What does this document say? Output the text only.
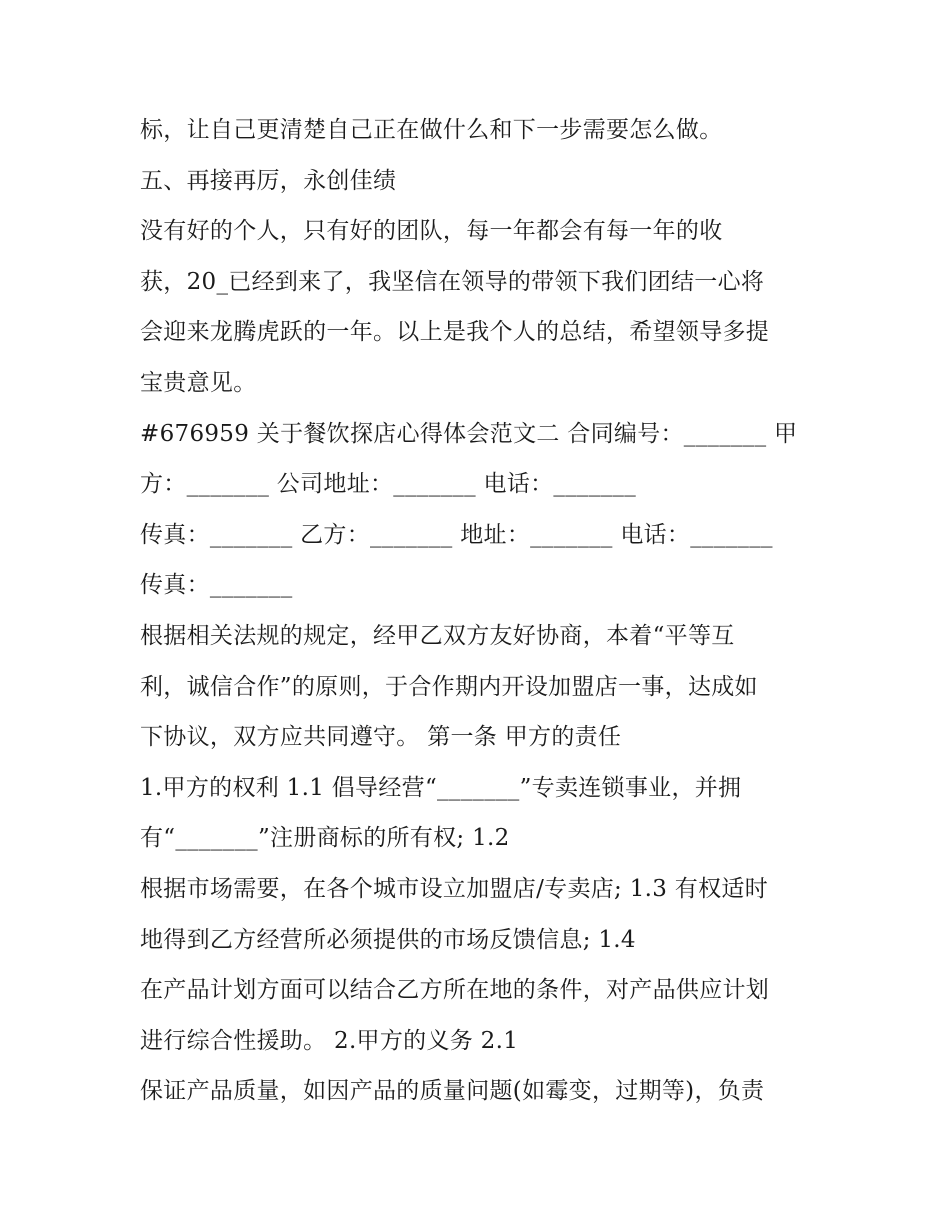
标，让自己更清楚自己正在做什么和下一步需要怎么做。
五、再接再厉，永创佳绩
没有好的个人，只有好的团队，每一年都会有每一年的收
获，20_已经到来了，我坚信在领导的带领下我们团结一心将
会迎来龙腾虎跃的一年。以上是我个人的总结，希望领导多提
宝贵意见。
#676959 关于餐饮探店心得体会范文二 合同编号：_______ 甲
方：_______ 公司地址：_______ 电话：_______
传真：_______ 乙方：_______ 地址：_______ 电话：_______
传真：_______
根据相关法规的规定，经甲乙双方友好协商，本着“平等互
利，诚信合作”的原则，于合作期内开设加盟店一事，达成如
下协议，双方应共同遵守。 第一条 甲方的责任
1.甲方的权利 1.1 倡导经营“_______”专卖连锁事业，并拥
有“_______”注册商标的所有权; 1.2
根据市场需要，在各个城市设立加盟店/专卖店; 1.3 有权适时
地得到乙方经营所必须提供的市场反馈信息; 1.4
在产品计划方面可以结合乙方所在地的条件，对产品供应计划
进行综合性援助。 2.甲方的义务 2.1
保证产品质量，如因产品的质量问题(如霉变，过期等)，负责
